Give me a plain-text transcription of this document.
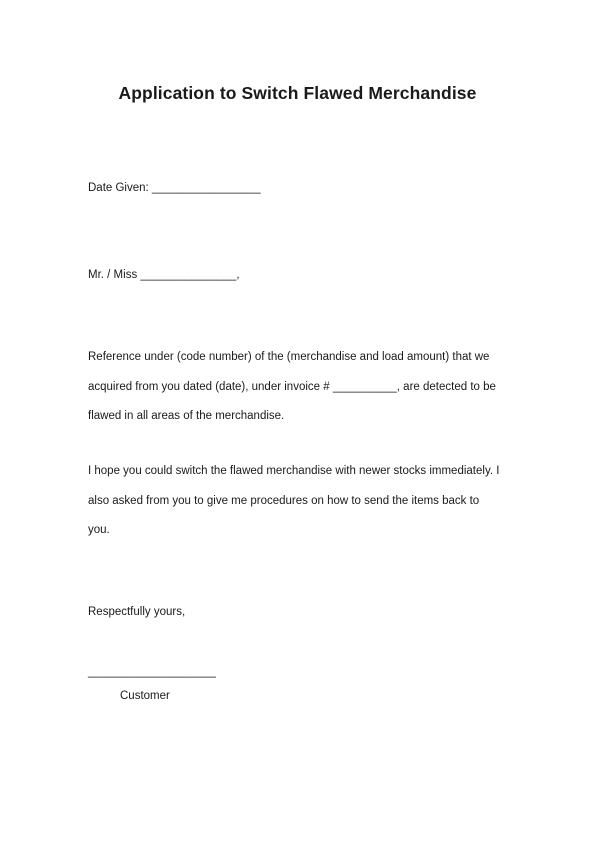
Application to Switch Flawed Merchandise
Date Given: _________________
Mr. / Miss _______________,
Reference under (code number) of the (merchandise and load amount) that we
acquired from you dated (date), under invoice # __________, are detected to be
flawed in all areas of the merchandise.
I hope you could switch the flawed merchandise with newer stocks immediately. I
also asked from you to give me procedures on how to send the items back to
you.
Respectfully yours,
____________________
Customer
